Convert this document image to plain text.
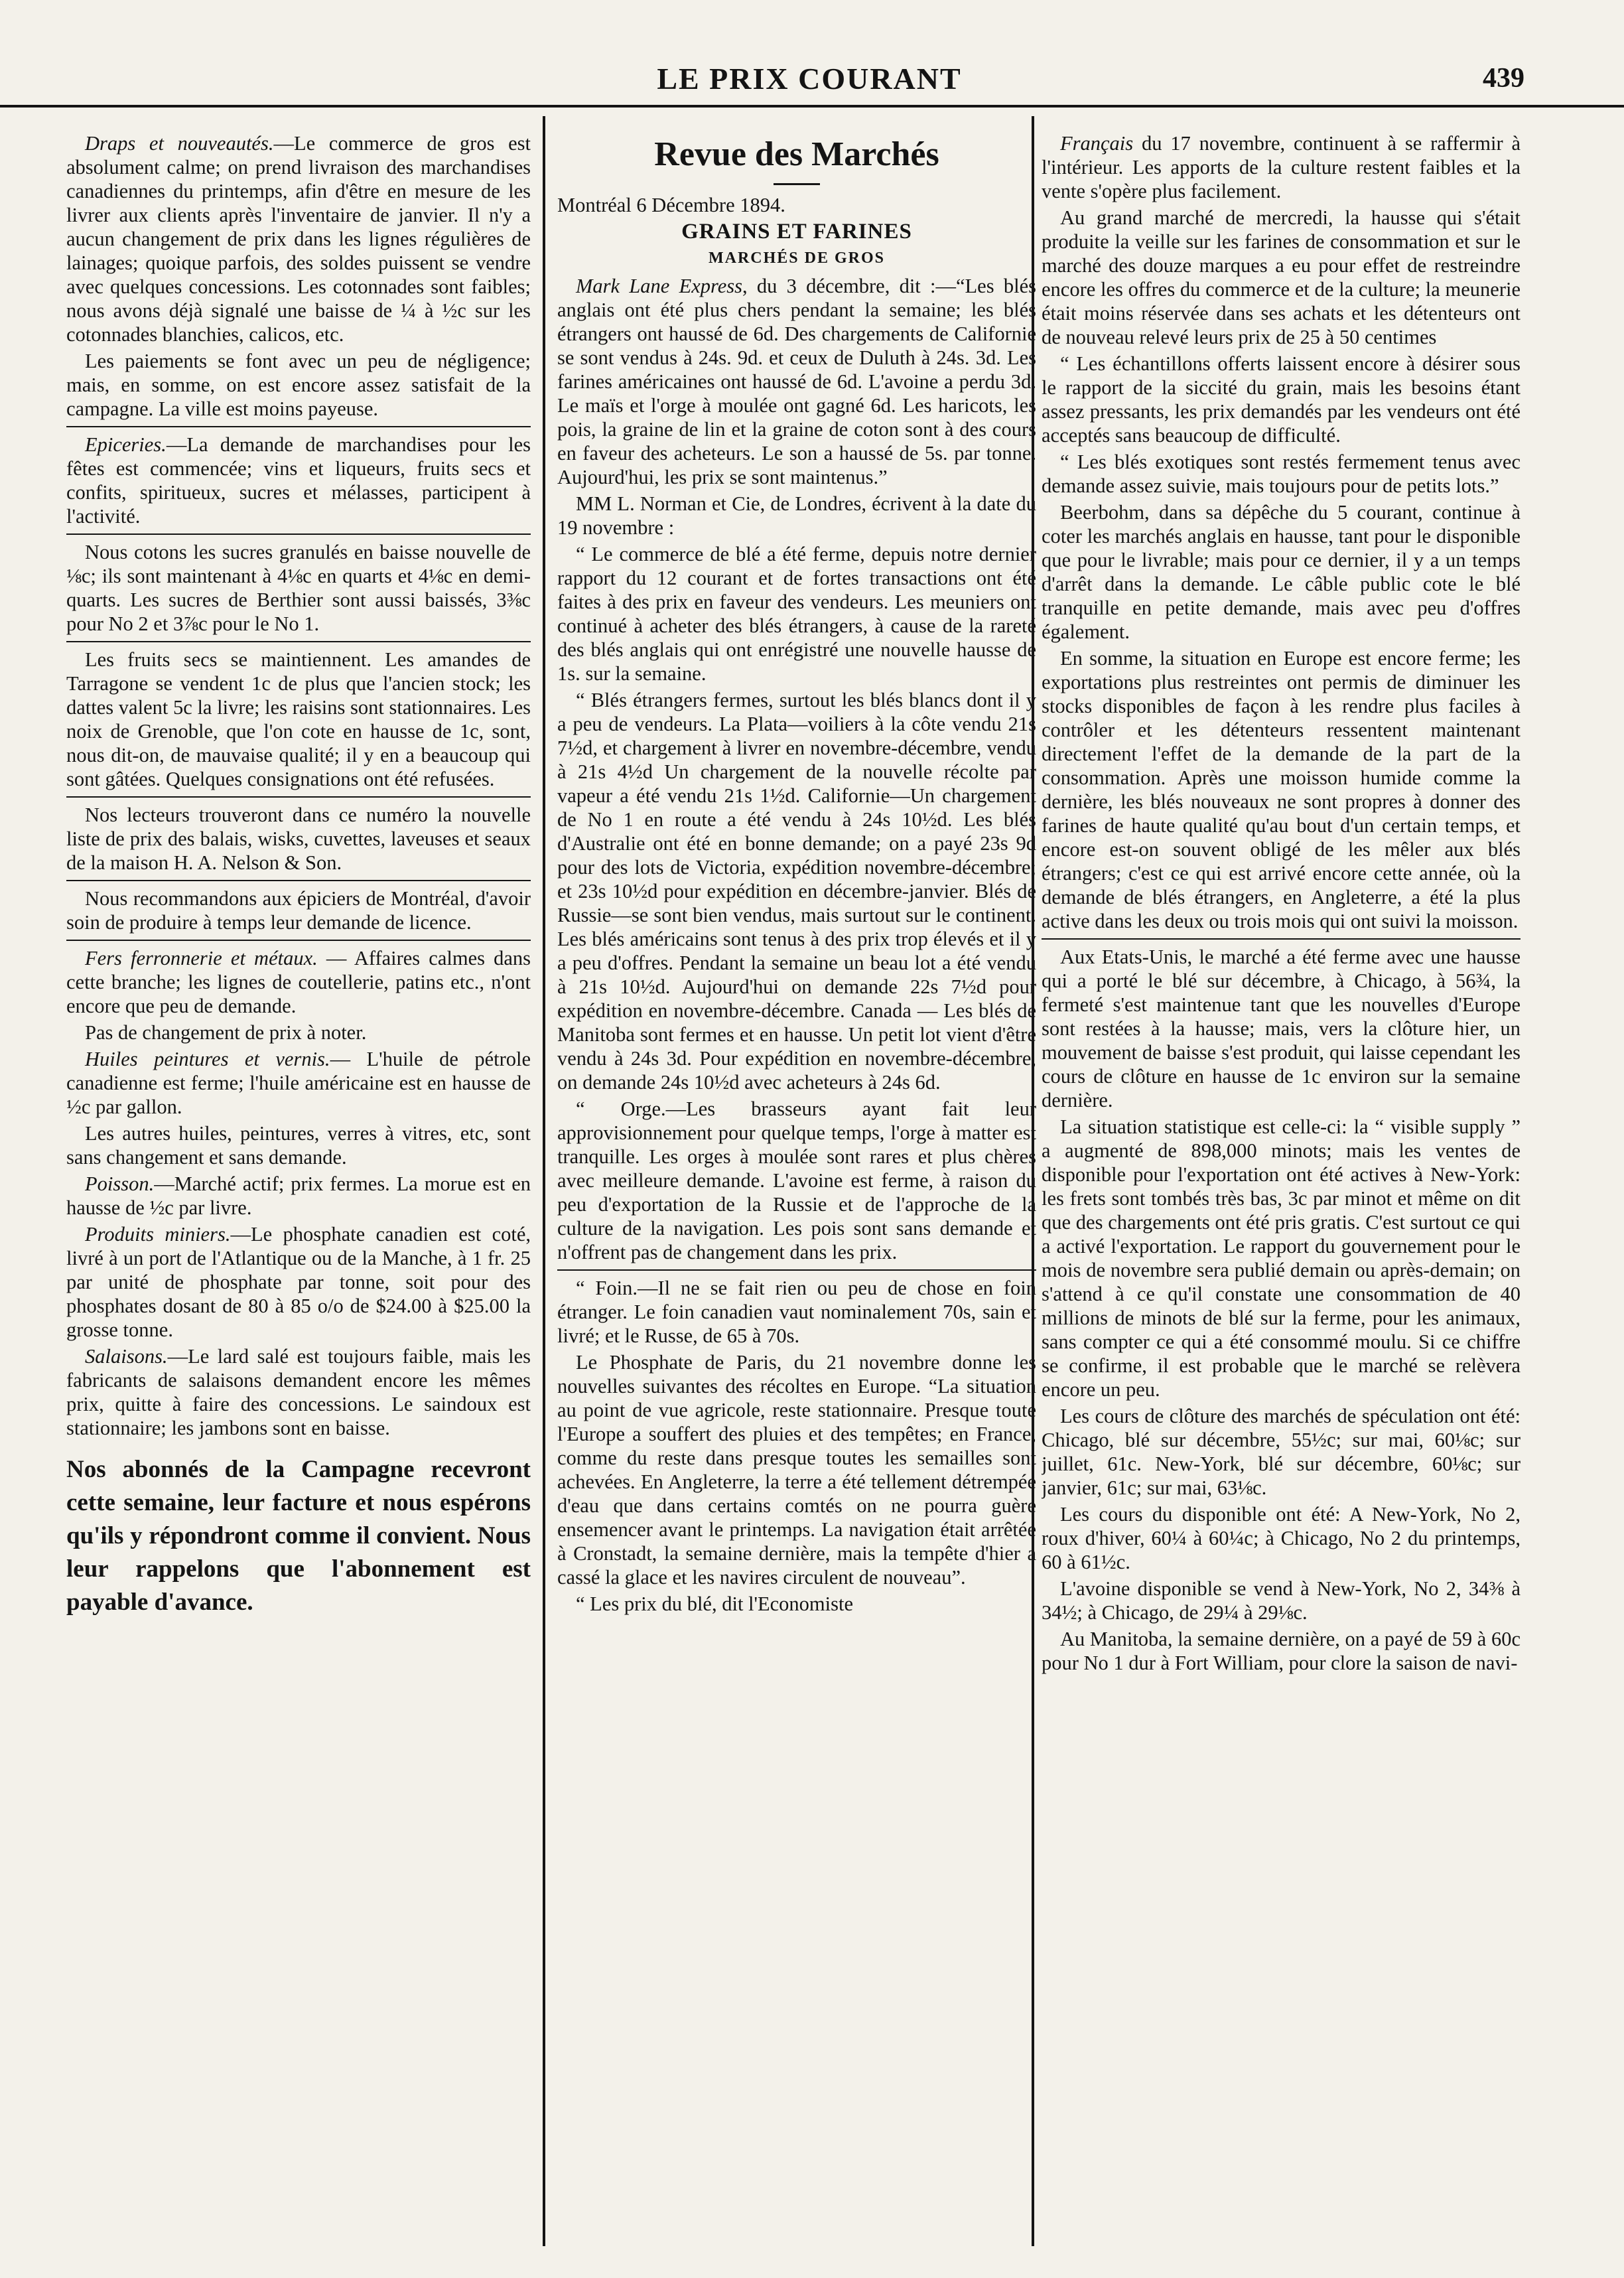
LE PRIX COURANT	439

Draps et nouveautés.—Le commerce de gros est absolument calme; on prend livraison des marchandises canadiennes du printemps, afin d'être en mesure de les livrer aux clients après l'inventaire de janvier. Il n'y a aucun changement de prix dans les lignes régulières de lainages; quoique parfois, des soldes puissent se vendre avec quelques concessions. Les cotonnades sont faibles; nous avons déjà signalé une baisse de ¼ à ½c sur les cotonnades blanchies, calicos, etc.

Les paiements se font avec un peu de négligence; mais, en somme, on est encore assez satisfait de la campagne. La ville est moins payeuse.

Epiceries.—La demande de marchandises pour les fêtes est commencée; vins et liqueurs, fruits secs et confits, spiritueux, sucres et mélasses, participent à l'activité.

Nous cotons les sucres granulés en baisse nouvelle de ⅛c; ils sont maintenant à 4⅛c en quarts et 4⅛c en demi-quarts. Les sucres de Berthier sont aussi baissés, 3⅜c pour No 2 et 3⅞c pour le No 1.

Les fruits secs se maintiennent. Les amandes de Tarragone se vendent 1c de plus que l'ancien stock; les dattes valent 5c la livre; les raisins sont stationnaires. Les noix de Grenoble, que l'on cote en hausse de 1c, sont, nous dit-on, de mauvaise qualité; il y en a beaucoup qui sont gâtées. Quelques consignations ont été refusées.

Nos lecteurs trouveront dans ce numéro la nouvelle liste de prix des balais, wisks, cuvettes, laveuses et seaux de la maison H. A. Nelson & Son.

Nous recommandons aux épiciers de Montréal, d'avoir soin de produire à temps leur demande de licence.

Fers ferronnerie et métaux. — Affaires calmes dans cette branche; les lignes de coutellerie, patins etc., n'ont encore que peu de demande.

Pas de changement de prix à noter.

Huiles peintures et vernis.— L'huile de pétrole canadienne est ferme; l'huile américaine est en hausse de ½c par gallon.

Les autres huiles, peintures, verres à vitres, etc, sont sans changement et sans demande.

Poisson.—Marché actif; prix fermes. La morue est en hausse de ½c par livre.

Produits miniers.—Le phosphate canadien est coté, livré à un port de l'Atlantique ou de la Manche, à 1 fr. 25 par unité de phosphate par tonne, soit pour des phosphates dosant de 80 à 85 o/o de $24.00 à $25.00 la grosse tonne.

Salaisons.—Le lard salé est toujours faible, mais les fabricants de salaisons demandent encore les mêmes prix, quitte à faire des concessions. Le saindoux est stationnaire; les jambons sont en baisse.

Nos abonnés de la Campagne recevront cette semaine, leur facture et nous espérons qu'ils y répondront comme il convient. Nous leur rappelons que l'abonnement est payable d'avance.
Revue des Marchés

Montréal 6 Décembre 1894.

GRAINS ET FARINES
MARCHÉS DE GROS

Mark Lane Express, du 3 décembre, dit :—“Les blés anglais ont été plus chers pendant la semaine; les blés étrangers ont haussé de 6d. Des chargements de Californie se sont vendus à 24s. 9d. et ceux de Duluth à 24s. 3d. Les farines américaines ont haussé de 6d. L'avoine a perdu 3d. Le maïs et l'orge à moulée ont gagné 6d. Les haricots, les pois, la graine de lin et la graine de coton sont à des cours en faveur des acheteurs. Le son a haussé de 5s. par tonne. Aujourd'hui, les prix se sont maintenus.”

MM L. Norman et Cie, de Londres, écrivent à la date du 19 novembre :

“ Le commerce de blé a été ferme, depuis notre dernier rapport du 12 courant et de fortes transactions ont été faites à des prix en faveur des vendeurs. Les meuniers ont continué à acheter des blés étrangers, à cause de la rareté des blés anglais qui ont enrégistré une nouvelle hausse de 1s. sur la semaine.

“ Blés étrangers fermes, surtout les blés blancs dont il y a peu de vendeurs. La Plata—voiliers à la côte vendu 21s 7½d, et chargement à livrer en novembre-décembre, vendu à 21s 4½d Un chargement de la nouvelle récolte par vapeur a été vendu 21s 1½d. Californie—Un chargement de No 1 en route a été vendu à 24s 10½d. Les blés d'Australie ont été en bonne demande; on a payé 23s 9d pour des lots de Victoria, expédition novembre-décembre; et 23s 10½d pour expédition en décembre-janvier. Blés de Russie—se sont bien vendus, mais surtout sur le continent. Les blés américains sont tenus à des prix trop élevés et il y a peu d'offres. Pendant la semaine un beau lot a été vendu à 21s 10½d. Aujourd'hui on demande 22s 7½d pour expédition en novembre-décembre. Canada — Les blés de Manitoba sont fermes et en hausse. Un petit lot vient d'être vendu à 24s 3d. Pour expédition en novembre-décembre, on demande 24s 10½d avec acheteurs à 24s 6d.

“ Orge.—Les brasseurs ayant fait leur approvisionnement pour quelque temps, l'orge à matter est tranquille. Les orges à moulée sont rares et plus chères avec meilleure demande. L'avoine est ferme, à raison du peu d'exportation de la Russie et de l'approche de la culture de la navigation. Les pois sont sans demande et n'offrent pas de changement dans les prix.

“ Foin.—Il ne se fait rien ou peu de chose en foin étranger. Le foin canadien vaut nominalement 70s, sain et livré; et le Russe, de 65 à 70s.

Le Phosphate de Paris, du 21 novembre donne les nouvelles suivantes des récoltes en Europe. “La situation au point de vue agricole, reste stationnaire. Presque toute l'Europe a souffert des pluies et des tempêtes; en France, comme du reste dans presque toutes les semailles sont achevées. En Angleterre, la terre a été tellement détrempée d'eau que dans certains comtés on ne pourra guère ensemencer avant le printemps. La navigation était arrêtée à Cronstadt, la semaine dernière, mais la tempête d'hier a cassé la glace et les navires circulent de nouveau”.

“ Les prix du blé, dit l'Economiste

Français du 17 novembre, continuent à se raffermir à l'intérieur. Les apports de la culture restent faibles et la vente s'opère plus facilement.

Au grand marché de mercredi, la hausse qui s'était produite la veille sur les farines de consommation et sur le marché des douze marques a eu pour effet de restreindre encore les offres du commerce et de la culture; la meunerie était moins réservée dans ses achats et les détenteurs ont de nouveau relevé leurs prix de 25 à 50 centimes

“ Les échantillons offerts laissent encore à désirer sous le rapport de la siccité du grain, mais les besoins étant assez pressants, les prix demandés par les vendeurs ont été acceptés sans beaucoup de difficulté.

“ Les blés exotiques sont restés fermement tenus avec demande assez suivie, mais toujours pour de petits lots.”

Beerbohm, dans sa dépêche du 5 courant, continue à coter les marchés anglais en hausse, tant pour le disponible que pour le livrable; mais pour ce dernier, il y a un temps d'arrêt dans la demande. Le câble public cote le blé tranquille en petite demande, mais avec peu d'offres également.

En somme, la situation en Europe est encore ferme; les exportations plus restreintes ont permis de diminuer les stocks disponibles de façon à les rendre plus faciles à contrôler et les détenteurs ressentent maintenant directement l'effet de la demande de la part de la consommation. Après une moisson humide comme la dernière, les blés nouveaux ne sont propres à donner des farines de haute qualité qu'au bout d'un certain temps, et encore est-on souvent obligé de les mêler aux blés étrangers; c'est ce qui est arrivé encore cette année, où la demande de blés étrangers, en Angleterre, a été la plus active dans les deux ou trois mois qui ont suivi la moisson.

Aux Etats-Unis, le marché a été ferme avec une hausse qui a porté le blé sur décembre, à Chicago, à 56¾, la fermeté s'est maintenue tant que les nouvelles d'Europe sont restées à la hausse; mais, vers la clôture hier, un mouvement de baisse s'est produit, qui laisse cependant les cours de clôture en hausse de 1c environ sur la semaine dernière.

La situation statistique est celle-ci: la “ visible supply ” a augmenté de 898,000 minots; mais les ventes de disponible pour l'exportation ont été actives à New-York: les frets sont tombés très bas, 3c par minot et même on dit que des chargements ont été pris gratis. C'est surtout ce qui a activé l'exportation. Le rapport du gouvernement pour le mois de novembre sera publié demain ou après-demain; on s'attend à ce qu'il constate une consommation de 40 millions de minots de blé sur la ferme, pour les animaux, sans compter ce qui a été consommé moulu. Si ce chiffre se confirme, il est probable que le marché se relèvera encore un peu.

Les cours de clôture des marchés de spéculation ont été: Chicago, blé sur décembre, 55½c; sur mai, 60⅛c; sur juillet, 61c. New-York, blé sur décembre, 60⅛c; sur janvier, 61c; sur mai, 63⅛c.

Les cours du disponible ont été: A New-York, No 2, roux d'hiver, 60¼ à 60¼c; à Chicago, No 2 du printemps, 60 à 61½c.

L'avoine disponible se vend à New-York, No 2, 34⅜ à 34½; à Chicago, de 29¼ à 29⅛c.

Au Manitoba, la semaine dernière, on a payé de 59 à 60c pour No 1 dur à Fort William, pour clore la saison de navi-
